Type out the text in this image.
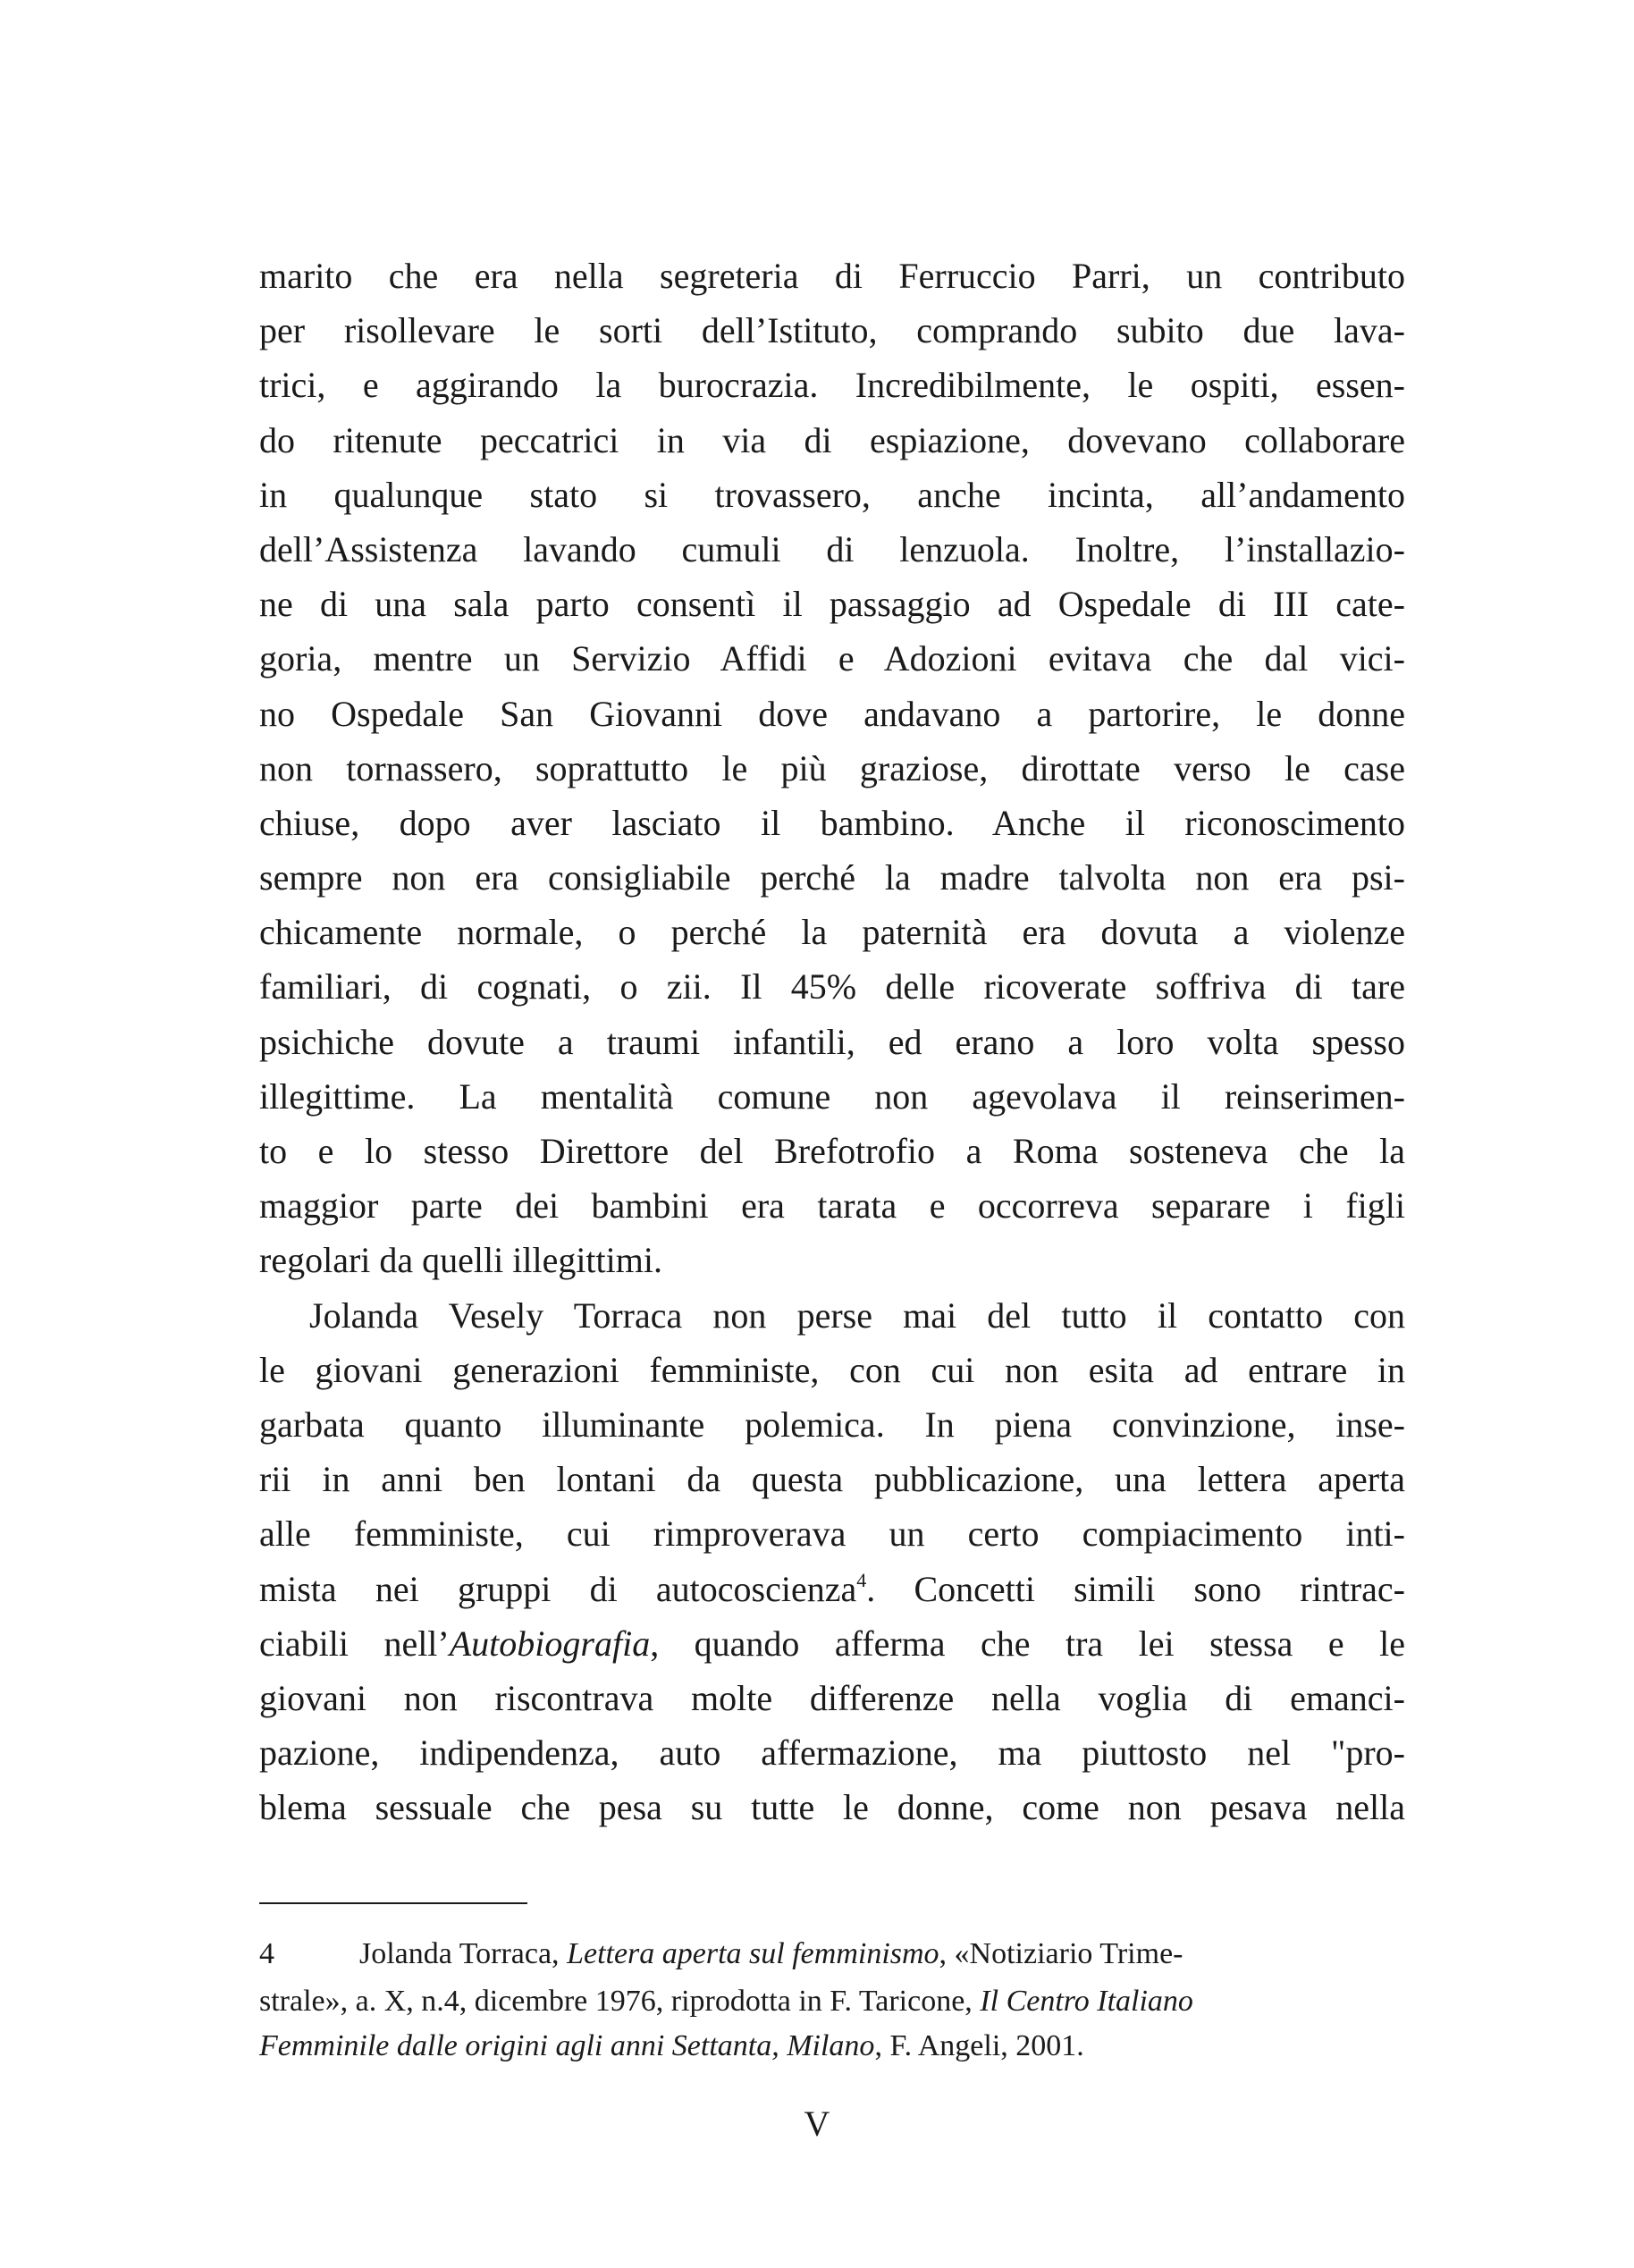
marito che era nella segreteria di Ferruccio Parri, un contributo
per risollevare le sorti dell’Istituto, comprando subito due lava-
trici, e aggirando la burocrazia. Incredibilmente, le ospiti, essen-
do ritenute peccatrici in via di espiazione, dovevano collaborare
in qualunque stato si trovassero, anche incinta, all’andamento
dell’Assistenza lavando cumuli di lenzuola. Inoltre, l’installazio-
ne di una sala parto consentì il passaggio ad Ospedale di III cate-
goria, mentre un Servizio Affidi e Adozioni evitava che dal vici-
no Ospedale San Giovanni dove andavano a partorire, le donne
non tornassero, soprattutto le più graziose, dirottate verso le case
chiuse, dopo aver lasciato il bambino. Anche il riconoscimento
sempre non era consigliabile perché la madre talvolta non era psi-
chicamente normale, o perché la paternità era dovuta a violenze
familiari, di cognati, o zii. Il 45% delle ricoverate soffriva di tare
psichiche dovute a traumi infantili, ed erano a loro volta spesso
illegittime. La mentalità comune non agevolava il reinserimen-
to e lo stesso Direttore del Brefotrofio a Roma sosteneva che la
maggior parte dei bambini era tarata e occorreva separare i figli
regolari da quelli illegittimi.
Jolanda Vesely Torraca non perse mai del tutto il contatto con
le giovani generazioni femministe, con cui non esita ad entrare in
garbata quanto illuminante polemica. In piena convinzione, inse-
rii in anni ben lontani da questa pubblicazione, una lettera aperta
alle femministe, cui rimproverava un certo compiacimento inti-
mista nei gruppi di autocoscienza$^4$. Concetti simili sono rintrac-
ciabili nell’Autobiografia, quando afferma che tra lei stessa e le
giovani non riscontrava molte differenze nella voglia di emanci-
pazione, indipendenza, auto affermazione, ma piuttosto nel "pro-
blema sessuale che pesa su tutte le donne, come non pesava nella
4	Jolanda Torraca, Lettera aperta sul femminismo, «Notiziario Trime-
strale», a. X, n.4, dicembre 1976, riprodotta in F. Taricone, Il Centro Italiano
Femminile dalle origini agli anni Settanta, Milano, F. Angeli, 2001.
V
